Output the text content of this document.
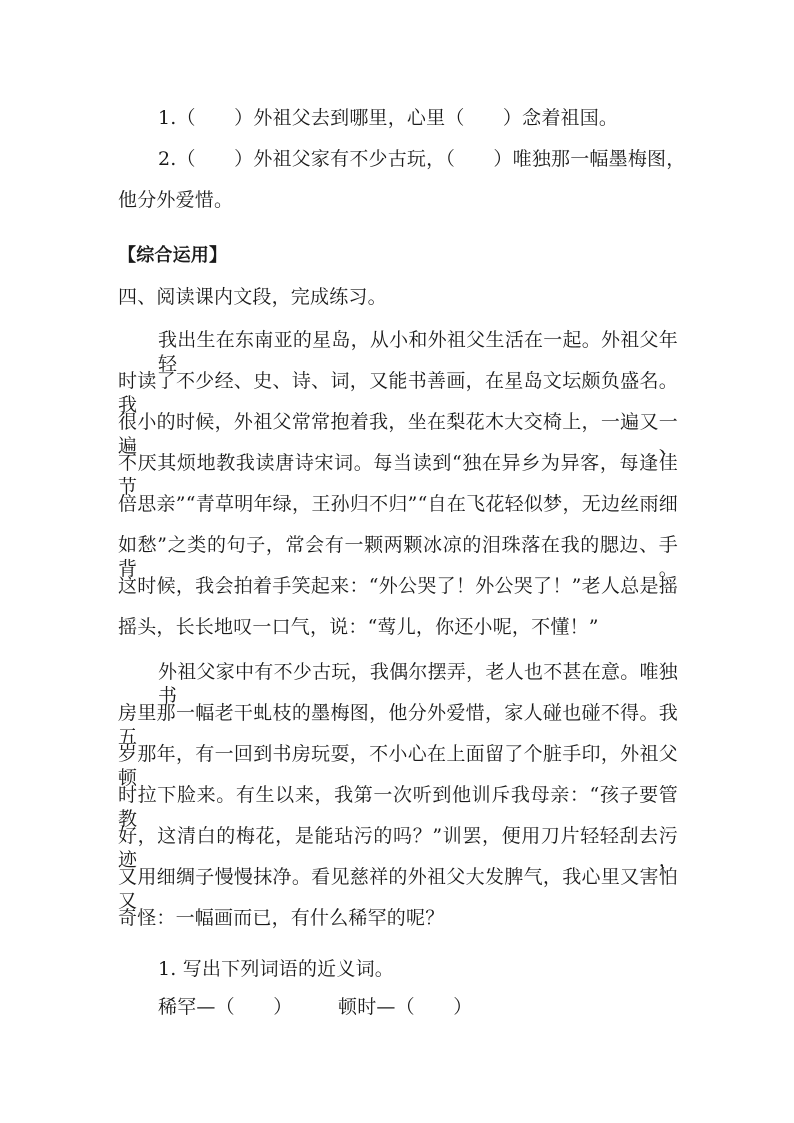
1.（　　）外祖父去到哪里，心里（　　）念着祖国。
2.（　　）外祖父家有不少古玩，（　　）唯独那一幅墨梅图，
他分外爱惜。
【综合运用】
四、阅读课内文段，完成练习。
我出生在东南亚的星岛，从小和外祖父生活在一起。外祖父年轻
时读了不少经、史、诗、词，又能书善画，在星岛文坛颇负盛名。我
很小的时候，外祖父常常抱着我，坐在梨花木大交椅上，一遍又一遍、
不厌其烦地教我读唐诗宋词。每当读到“独在异乡为异客，每逢佳节
倍思亲”“青草明年绿，王孙归不归”“自在飞花轻似梦，无边丝雨细
如愁”之类的句子，常会有一颗两颗冰凉的泪珠落在我的腮边、手背。
这时候，我会拍着手笑起来：“外公哭了！外公哭了！”老人总是摇
摇头，长长地叹一口气，说：“莺儿，你还小呢，不懂！”
外祖父家中有不少古玩，我偶尔摆弄，老人也不甚在意。唯独书
房里那一幅老干虬枝的墨梅图，他分外爱惜，家人碰也碰不得。我五
岁那年，有一回到书房玩耍，不小心在上面留了个脏手印，外祖父顿
时拉下脸来。有生以来，我第一次听到他训斥我母亲：“孩子要管教
好，这清白的梅花，是能玷污的吗？”训罢，便用刀片轻轻刮去污迹，
又用细绸子慢慢抹净。看见慈祥的外祖父大发脾气，我心里又害怕又
奇怪：一幅画而已，有什么稀罕的呢？
1. 写出下列词语的近义词。
稀罕—（　　）	顿时—（　　）
